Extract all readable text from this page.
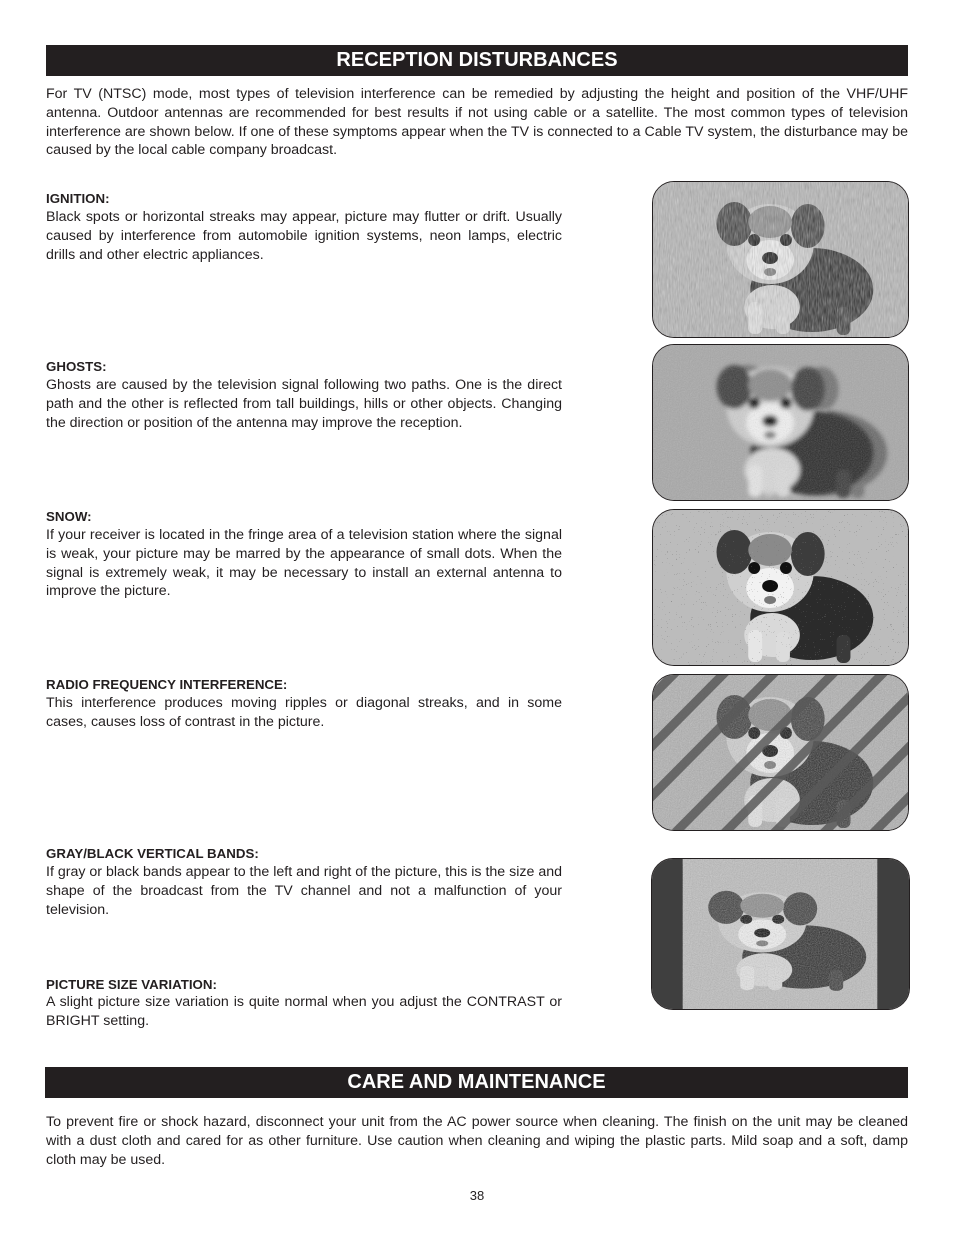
RECEPTION DISTURBANCES

For TV (NTSC) mode, most types of television interference can be remedied by adjusting the height and position of the VHF/UHF antenna. Outdoor antennas are recommended for best results if not using cable or a satellite. The most common types of television interference are shown below. If one of these symptoms appear when the TV is connected to a Cable TV system, the disturbance may be caused by the local cable company broadcast.

IGNITION:

Black spots or horizontal streaks may appear, picture may flutter or drift. Usually caused by interference from automobile ignition systems, neon lamps, electric drills and other electric appliances.

GHOSTS:

Ghosts are caused by the television signal following two paths. One is the direct path and the other is reflected from tall buildings, hills or other objects. Changing the direction or position of the antenna may improve the reception.

SNOW:

If your receiver is located in the fringe area of a television station where the signal is weak, your picture may be marred by the appearance of small dots. When the signal is extremely weak, it may be necessary to install an external antenna to improve the picture.

RADIO FREQUENCY INTERFERENCE:

This interference produces moving ripples or diagonal streaks, and in some cases, causes loss of contrast in the picture.

GRAY/BLACK VERTICAL BANDS:

If gray or black bands appear to the left and right of the picture, this is the size and shape of the broadcast from the TV channel and not a malfunction of your television.

PICTURE SIZE VARIATION:

A slight picture size variation is quite normal when you adjust the CONTRAST or BRIGHT setting.

CARE AND MAINTENANCE

To prevent fire or shock hazard, disconnect your unit from the AC power source when cleaning. The finish on the unit may be cleaned with a dust cloth and cared for as other furniture. Use caution when cleaning and wiping the plastic parts. Mild soap and a soft, damp cloth may be used.

38
